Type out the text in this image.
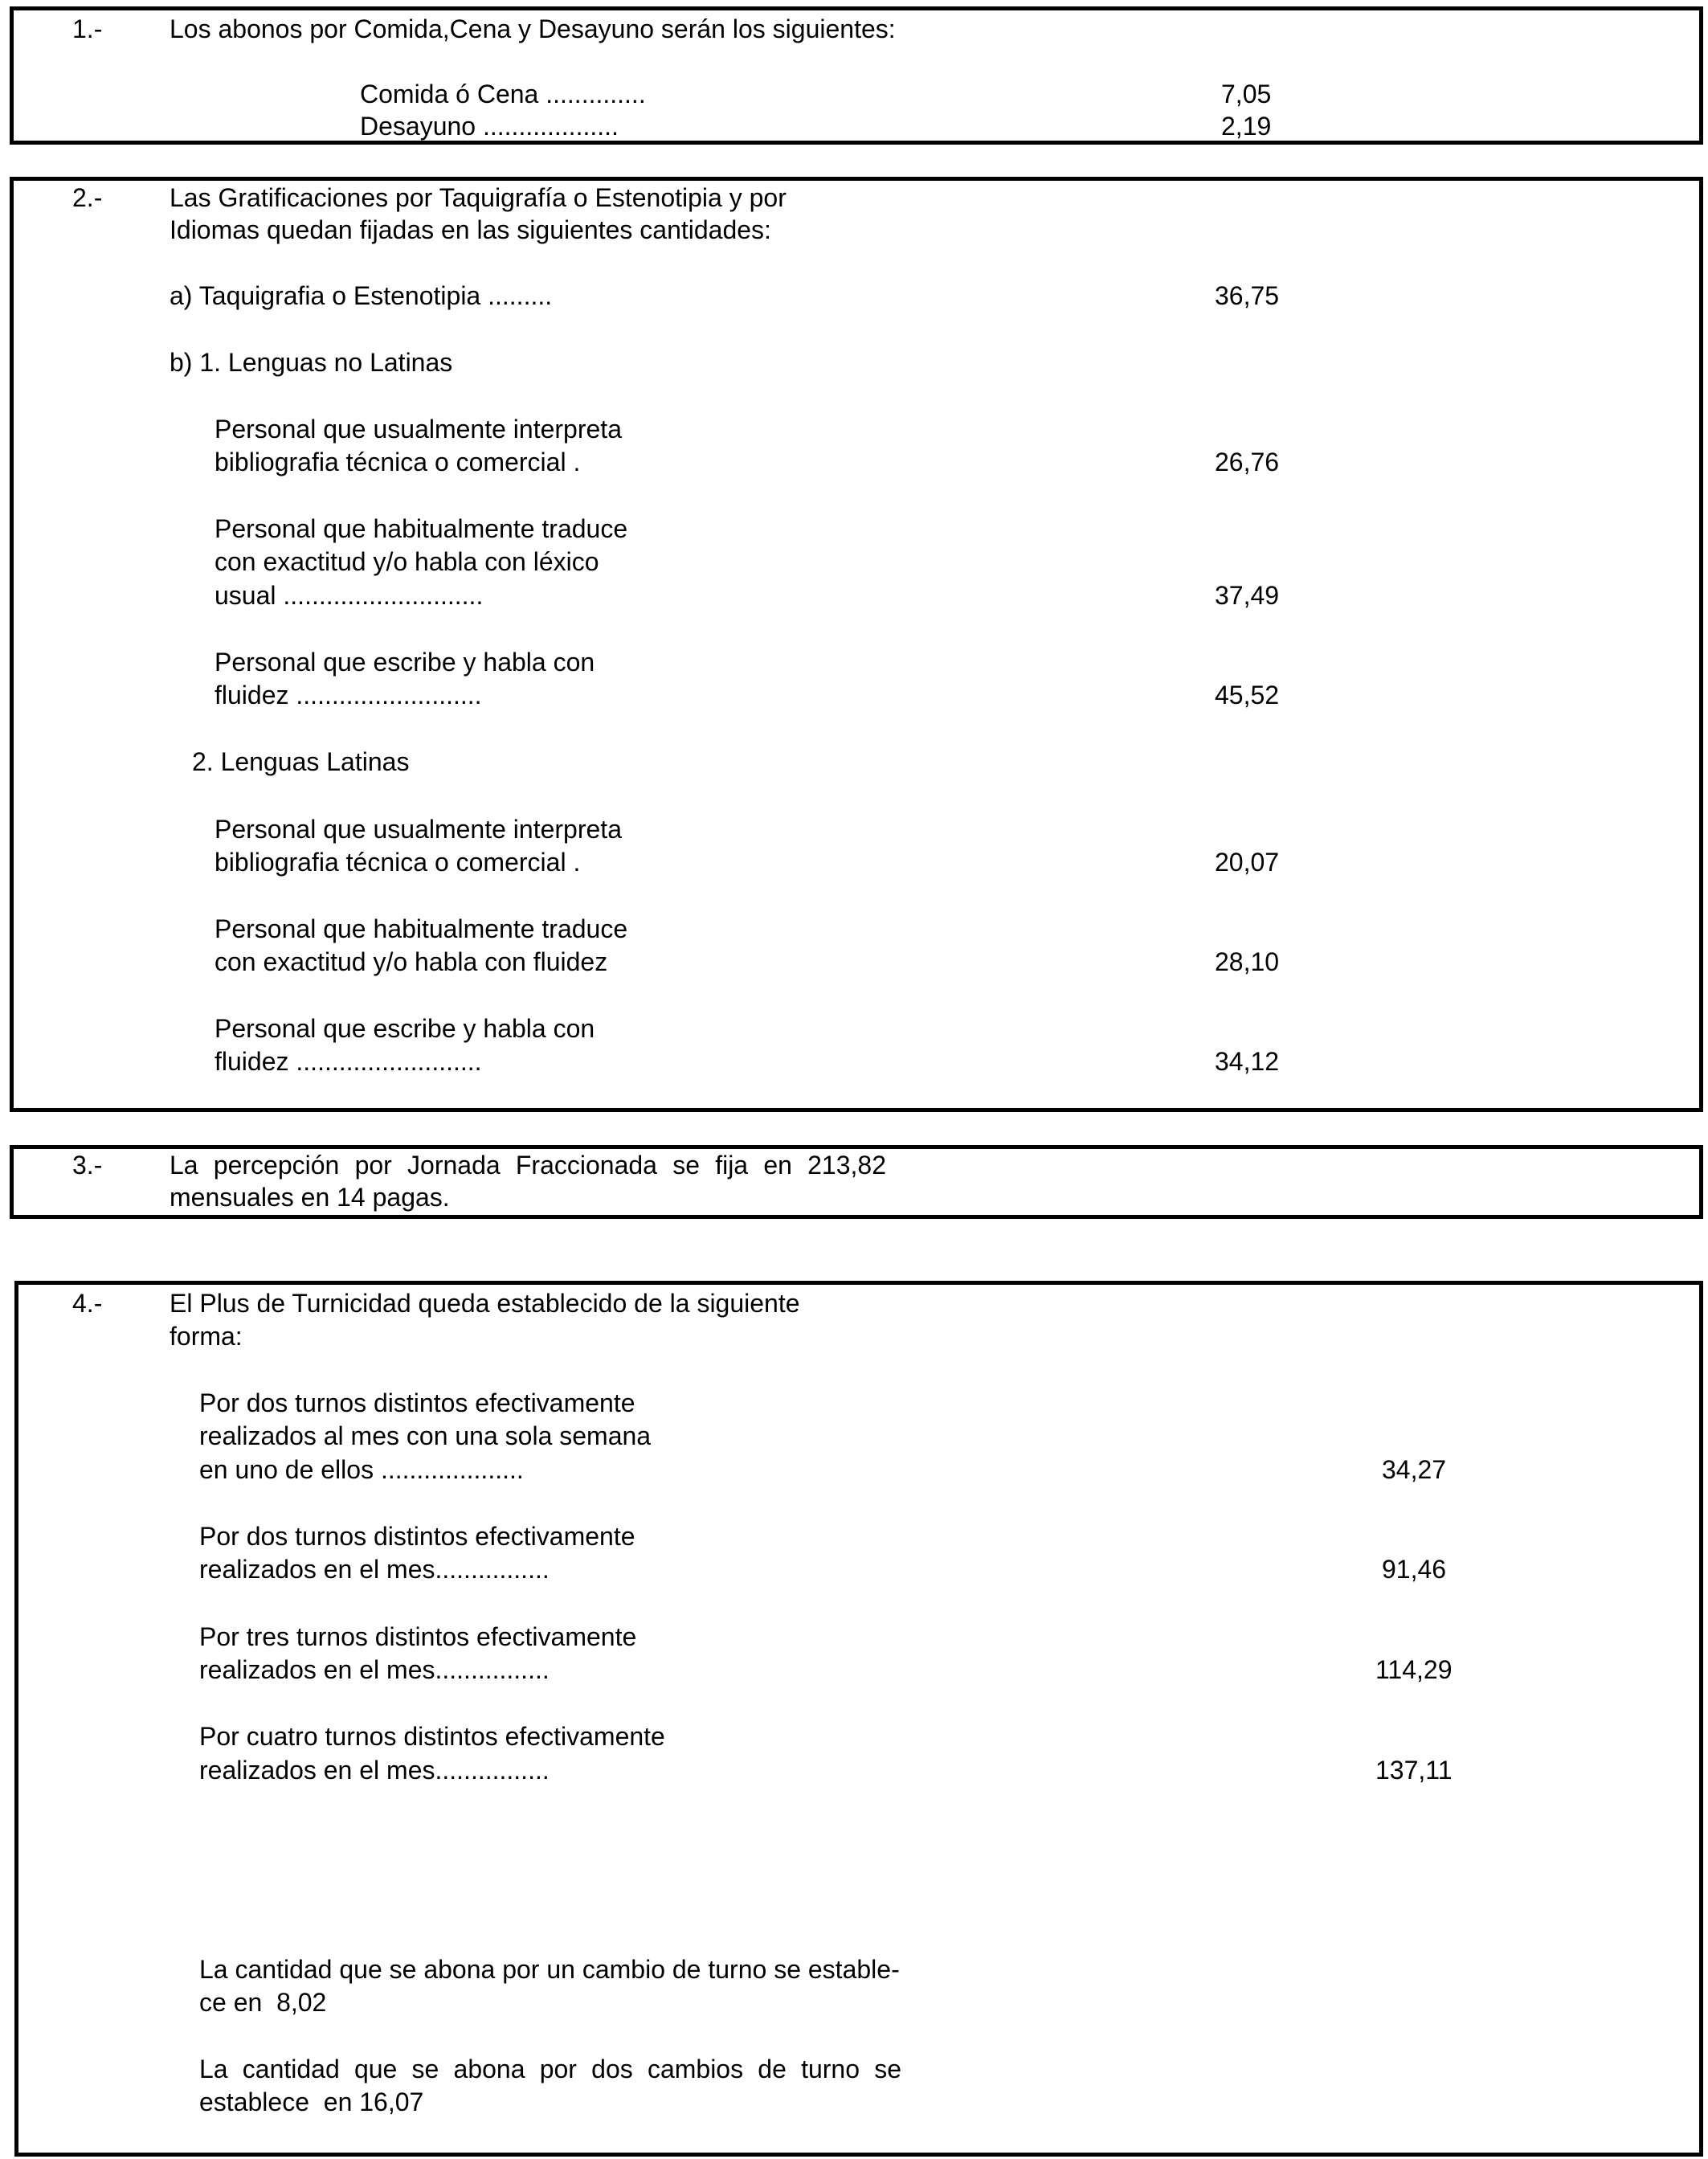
1.-	Los abonos por Comida,Cena y Desayuno serán los siguientes:
Comida ó Cena ..............	7,05
Desayuno ...................	2,19
2.-	Las Gratificaciones por Taquigrafía o Estenotipia y por
Idiomas quedan fijadas en las siguientes cantidades:
a) Taquigrafia o Estenotipia .........	36,75
b) 1. Lenguas no Latinas
Personal que usualmente interpreta
bibliografia técnica o comercial .	26,76
Personal que habitualmente traduce
con exactitud y/o habla con léxico
usual ............................	37,49
Personal que escribe y habla con
fluidez ..........................	45,52
2. Lenguas Latinas
Personal que usualmente interpreta
bibliografia técnica o comercial .	20,07
Personal que habitualmente traduce
con exactitud y/o habla con fluidez	28,10
Personal que escribe y habla con
fluidez ..........................	34,12
3.-	La percepción por Jornada Fraccionada se fija en 213,82
mensuales en 14 pagas.
4.-	El Plus de Turnicidad queda establecido de la siguiente
forma:
Por dos turnos distintos efectivamente
realizados al mes con una sola semana
en uno de ellos ....................	34,27
Por dos turnos distintos efectivamente
realizados en el mes................	91,46
Por tres turnos distintos efectivamente
realizados en el mes................	114,29
Por cuatro turnos distintos efectivamente
realizados en el mes................	137,11
La cantidad que se abona por un cambio de turno se estable-
ce en  8,02
La cantidad que se abona por dos cambios de turno se
establece  en 16,07
